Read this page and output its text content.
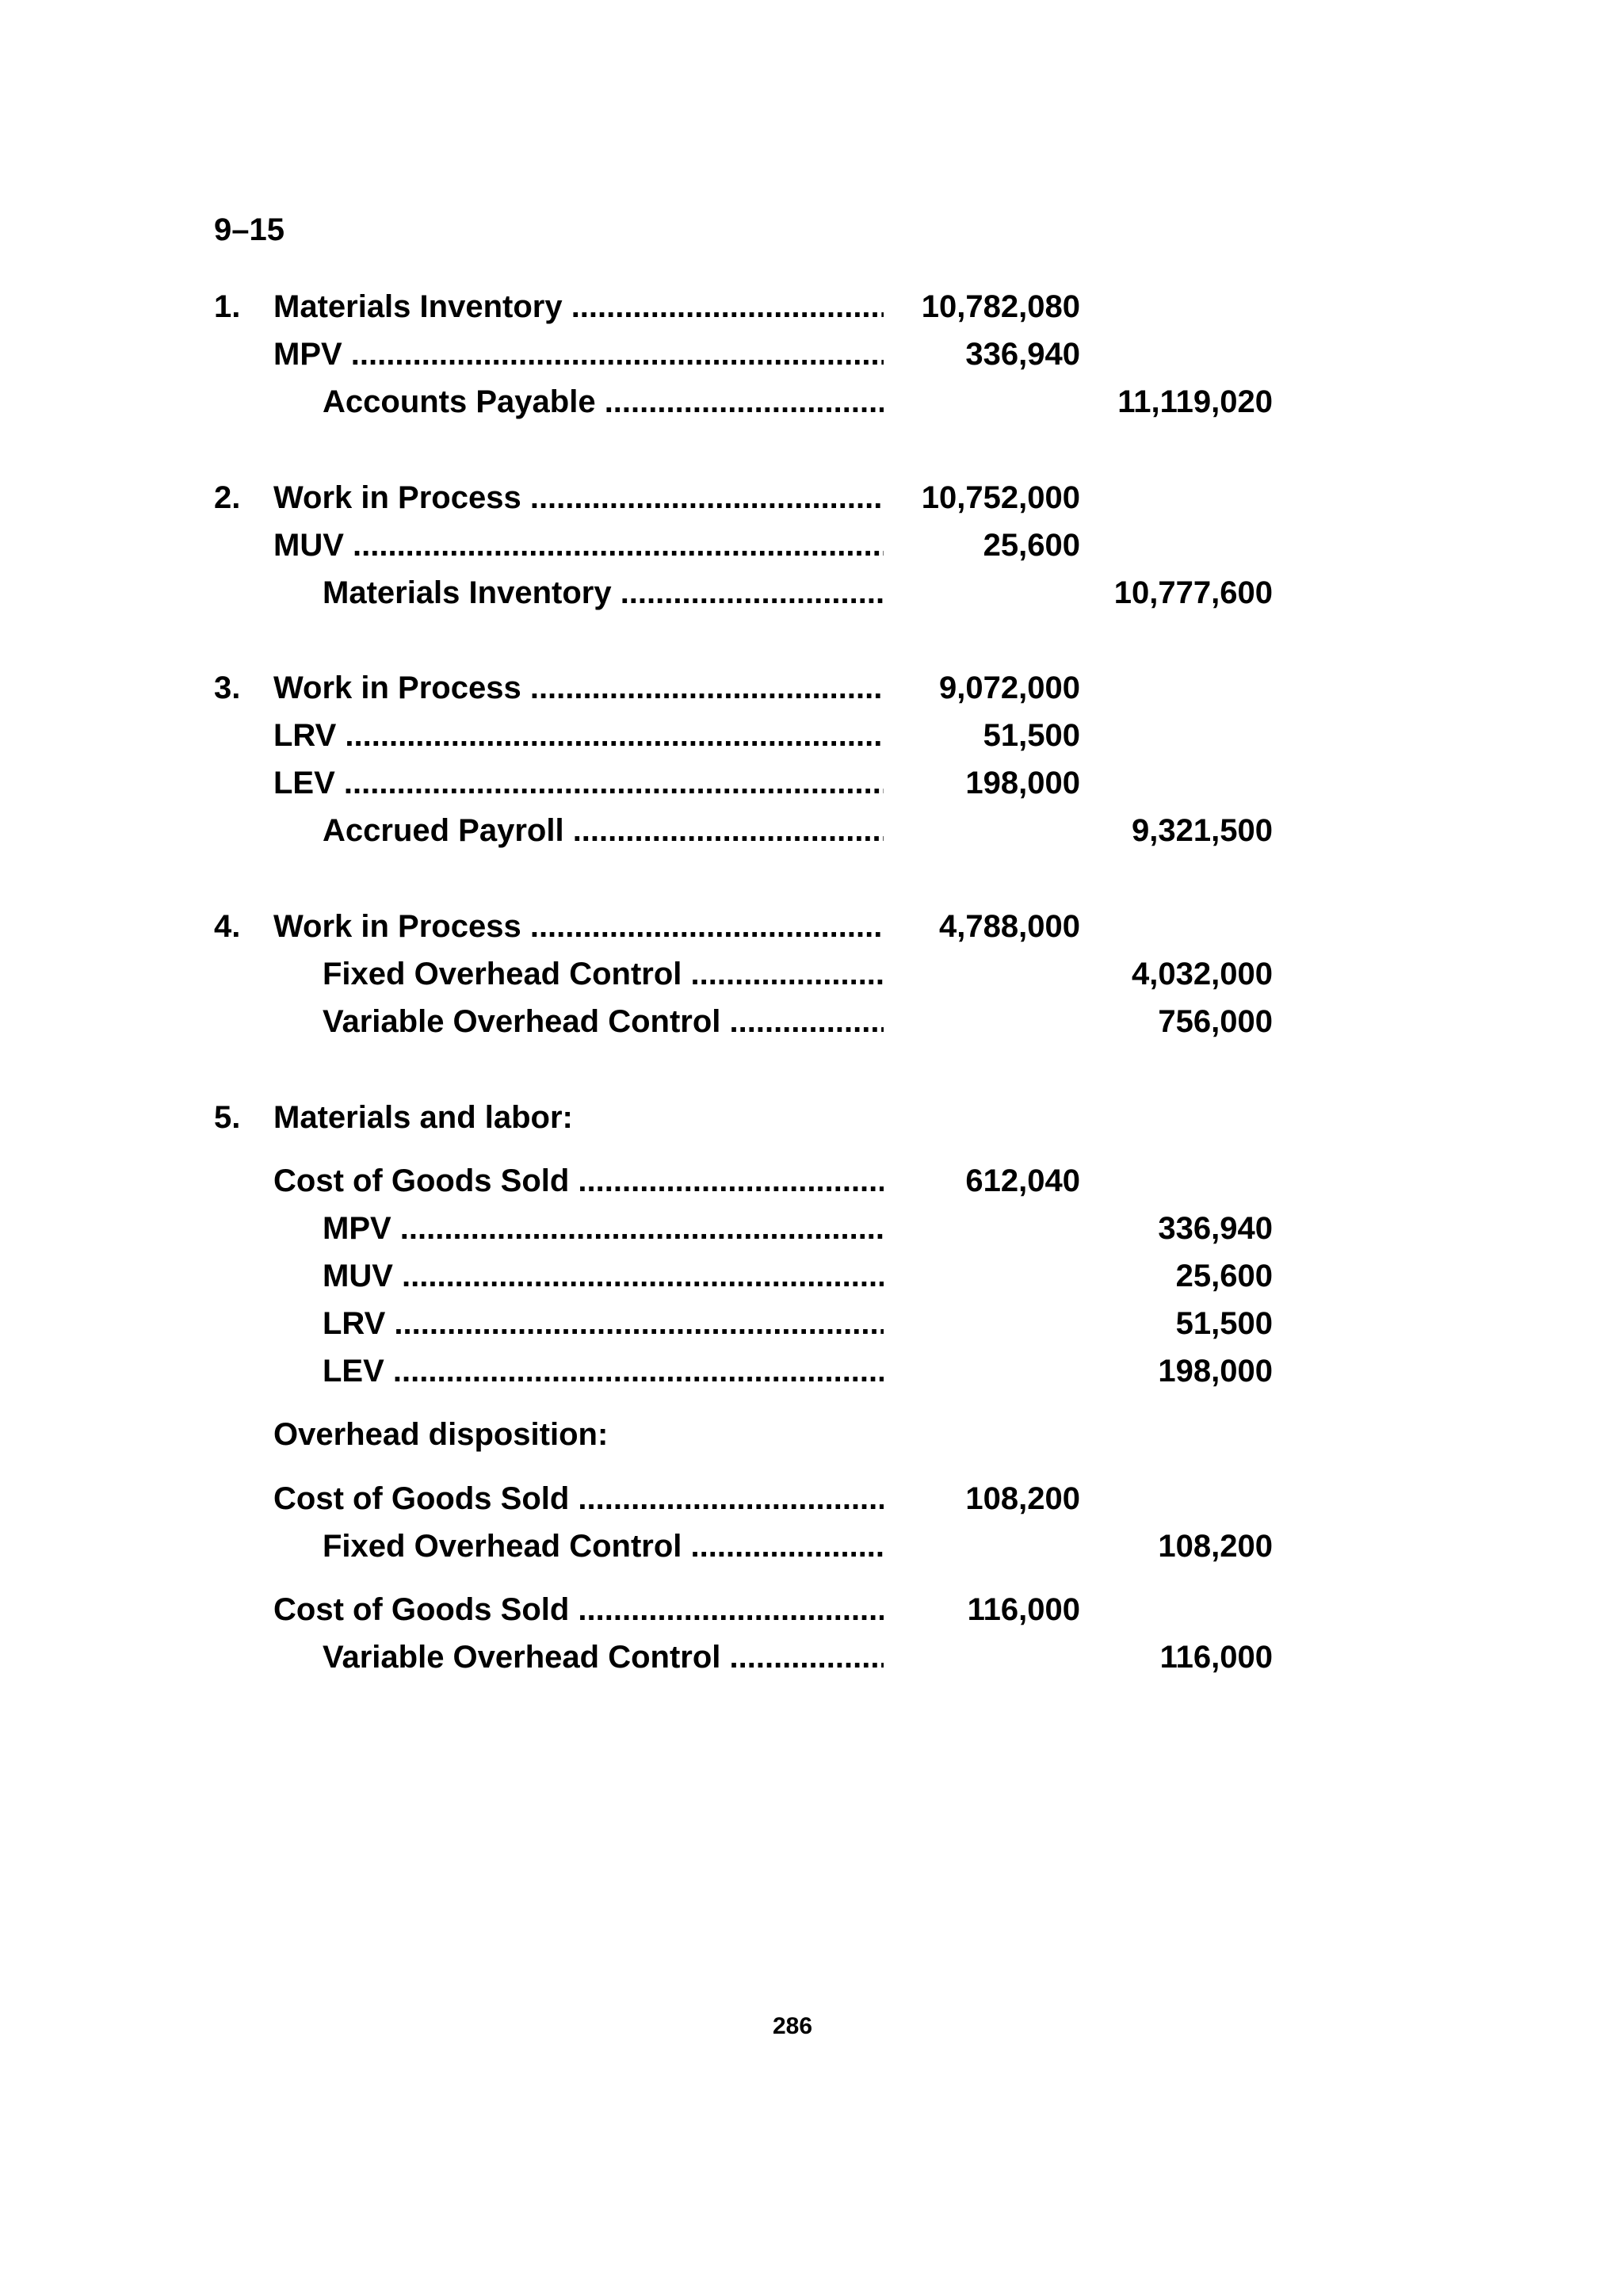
9–15
1. Materials Inventory .....	10,782,080
MPV .....	336,940
Accounts Payable .....	11,119,020
2. Work in Process .....	10,752,000
MUV .....	25,600
Materials Inventory .....	10,777,600
3. Work in Process .....	9,072,000
LRV .....	51,500
LEV .....	198,000
Accrued Payroll .....	9,321,500
4. Work in Process .....	4,788,000
Fixed Overhead Control .....	4,032,000
Variable Overhead Control .....	756,000
5. Materials and labor:
Cost of Goods Sold .....	612,040
MPV .....	336,940
MUV .....	25,600
LRV .....	51,500
LEV .....	198,000
Overhead disposition:
Cost of Goods Sold .....	108,200
Fixed Overhead Control .....	108,200
Cost of Goods Sold .....	116,000
Variable Overhead Control .....	116,000
286
